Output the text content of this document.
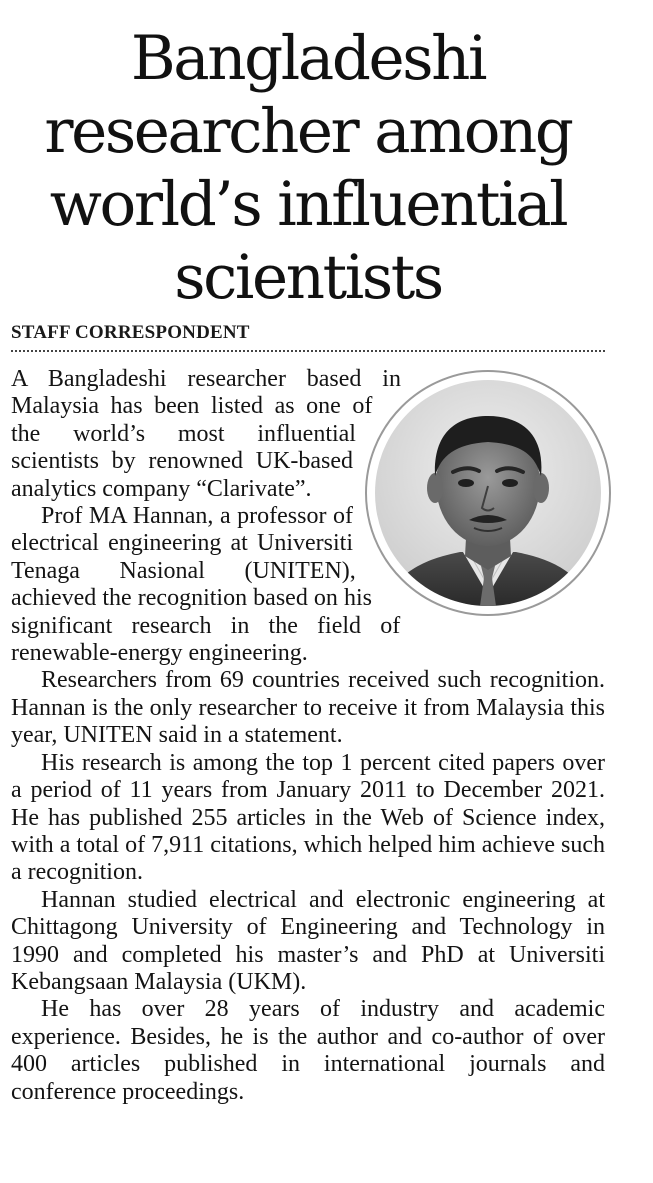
Bangladeshi
researcher among
world’s influential
scientists
STAFF CORRESPONDENT

A Bangladeshi researcher based in Malaysia has been listed as one of the world’s most influential scientists by renowned UK-based analytics company “Clarivate”.

Prof MA Hannan, a professor of electrical engineering at Universiti Tenaga Nasional (UNITEN), achieved the recognition based on his significant research in the field of renewable-energy engineering.

Researchers from 69 countries received such recognition. Hannan is the only researcher to receive it from Malaysia this year, UNITEN said in a statement.

His research is among the top 1 percent cited papers over a period of 11 years from January 2011 to December 2021. He has published 255 articles in the Web of Science index, with a total of 7,911 citations, which helped him achieve such a recognition.

Hannan studied electrical and electronic engineering at Chittagong University of Engineering and Technology in 1990 and completed his master’s and PhD at Universiti Kebangsaan Malaysia (UKM).

He has over 28 years of industry and academic experience. Besides, he is the author and co-author of over 400 articles published in international journals and conference proceedings.
